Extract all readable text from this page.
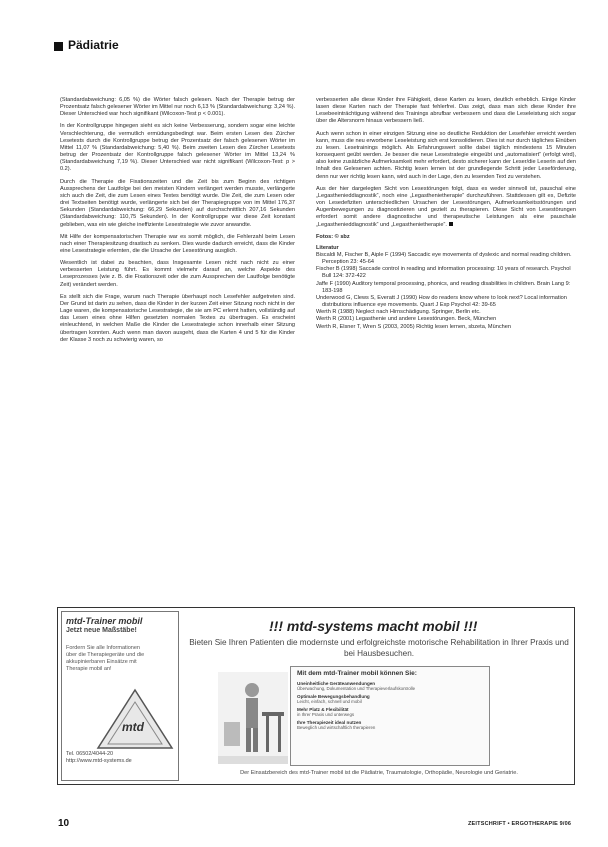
Pädiatrie

(Standardabweichung: 6,05 %) die Wörter falsch gelesen. Nach der Therapie betrug der Prozentsatz falsch gelesener Wörter im Mittel nur noch 6,13 % (Standardabweichung: 3,24 %). Dieser Unterschied war hoch signifikant (Wilcoxon-Test p < 0.001).

In der Kontrollgruppe hingegen sieht es sich keine Verbesserung, sondern sogar eine leichte Verschlechterung, die vermutlich ermüdungsbedingt war. Beim ersten Lesen des Zürcher Lesetests durch die Kontrollgruppe betrug der Prozentsatz der falsch gelesenen Wörter im Mittel 11,07 % (Standardabweichung: 5,40 %). Beim zweiten Lesen des Zürcher Lesetests betrug der Prozentsatz der Kontrollgruppe falsch gelesener Wörter im Mittel 13,24 % (Standardabweichung 7,19 %). Dieser Unterschied war nicht signifikant (Wilcoxon-Test: p > 0.2).

Durch die Therapie die Fixationszeiten und die Zeit bis zum Beginn des richtigen Aussprechens der Lautfolge bei den meisten Kindern verlängert werden musste, verlängerte sich auch die Zeit, die zum Lesen eines Textes benötigt wurde. Die Zeit, die zum Lesen oder drei Textseiten benötigt wurde, verlängerte sich bei der Therapiegruppe von im Mittel 176,37 Sekunden (Standardabweichung: 66,29 Sekunden) auf durchschnittlich 207,16 Sekunden (Standardabweichung: 110,75 Sekunden). In der Kontrollgruppe war diese Zeit konstant geblieben, was ein wie gleiche ineffiziente Lesestrategie wie zuvor anwandte.

Mit Hilfe der kompensatorischen Therapie war es somit möglich, die Fehlerzahl beim Lesen nach einer Therapiesitzung drastisch zu senken. Dies wurde dadurch erreicht, dass die Kinder eine Lesestrategie erlernten, die die Ursache der Lesestörung ausglich.

Wesentlich ist dabei zu beachten, dass Insgesamte Lesen nicht nach nicht zu einer verbesserten Leistung führt. Es kommt vielmehr darauf an, welche Aspekte des Leseprozesses (wie z. B. die Fixationszeit oder die zum Aussprechen der Lautfolge benötigte Zeit) verändert werden.

Es stellt sich die Frage, warum nach Therapie überhaupt noch Lesefehler aufgetreten sind. Der Grund ist darin zu sehen, dass die Kinder in der kurzen Zeit einer Sitzung noch nicht in der Lage waren, die kompensatorische Lesestrategie, die sie am PC erlernt hatten, vollständig auf das Lesen eines ohne Hilfen gesetzten normalen Textes zu übertragen. Es erscheint einleuchtend, in welchen Maße die Kinder die Lesestrategie schon innerhalb einer Sitzung übertragen konnten. Auch wenn man davon ausgeht, dass die Karten 4 und 5 für die Kinder der Klasse 3 noch zu schwierig waren, so

verbesserten alle diese Kinder ihre Fähigkeit, diese Karten zu lesen, deutlich erheblich. Einige Kinder lasen diese Karten nach der Therapie fast fehlerfrei. Das zeigt, dass man sich diese Kinder ihre Lesebeeinträchtigung während des Trainings abrufbar verbessern und dass die Leseleistung sich sogar über die Altersnorm hinaus verbessern ließ.

Auch wenn schon in einer einzigen Sitzung eine so deutliche Reduktion der Lesefehler erreicht werden kann, muss die neu erworbene Leseleistung sich erst konsolidieren. Dies ist nur durch tägliches Einüben zu lesen. Lesetrainings möglich. Als Erfahrungswert sollte dabei täglich mindestens 15 Minuten konsequent geübt werden. Je besser die neue Lesestrategie eingeübt und „automatisiert“ (erfolgt wird), also keine zusätzliche Aufmerksamkeit mehr erfordert, desto sicherer kann der Leser/die Leserin auf den Inhalt des Gelesenen achten. Richtig lesen lernen ist der grundlegende Schritt jeder Leseförderung, denn nur wer richtig lesen kann, wird auch in der Lage, den zu lesenden Text zu verstehen.

Aus der hier dargelegten Sicht von Lesestörungen folgt, dass es weder sinnvoll ist, pauschal eine „Legasthenieddiagnostik“, noch eine „Legasthenietherapie“ durchzuführen. Stattdessen gilt es, Defizite von Lesedefiziten unterschiedlichen Ursachen der Lesestörungen, Aufmerksamkeitsstörungen und Augenbewegungen zu diagnostizieren und gezielt zu therapieren. Diese Sicht von Lesestörungen erfordert somit andere diagnostische und therapeutische Leistungen als eine pauschale „Legasthenieddiagnostik“ und „Legasthenietherapie“.

Fotos: © sbz
Literatur
Biscaldi M, Fischer B, Aiple F (1994) Saccadic eye movements of dyslexic and normal reading children. Perception 23: 45-64
Fischer B (1998) Saccade control in reading and information processing: 10 years of research. Psychol Bull 124: 372-422
Jaffe F (1990) Auditory temporal processing, phonics, and reading disabilities in children. Brain Lang 9: 183-198
Underwood G, Clews S, Everatt J (1990) How do readers know where to look next? Local information distributions influence eye movements. Quart J Exp Psychol 42: 39-65
Werth R (1988) Neglect nach Hirnschädigung. Springer, Berlin etc.
Werth R (2001) Legasthenie und andere Lesestörungen. Beck, München
Werth R, Elsner T, Wren S (2003, 2005) Richtig lesen lernen, sbzeta, München
mtd-Trainer mobil
Jetzt neue Maßstäbe!
Fordern Sie alle Informationen über die Therapiegeräte und die akkupinierbaren Einsätze mit Therapie mobil an!
mtd
Tel. 06502/4044-20
http://www.mtd-systems.de
!!! mtd-systems macht mobil !!!
Bieten Sie Ihren Patienten die modernste und erfolgreichste motorische Rehabilitation in Ihrer Praxis und bei Hausbesuchen.
Mit dem mtd-Trainer mobil können Sie:
Uneinheitliche Geräteanwendungen
Überwachung, Dokumentation und Therapieverlaufskontrolle
Optimale Bewegungsbehandlung
Leicht, einfach, schnell und mobil
Mehr Platz & Flexibilität
in Ihrer Praxis und unterwegs
Ihre Therapiezeit ideal nutzen
Beweglich und wirtschaftlich therapieren
Der Einsatzbereich des mtd-Trainer mobil ist die Pädiatrie, Traumatologie, Orthopädie, Neurologie und Geriatrie.
10	ZEITSCHRIFT • ERGOTHERAPIE 9/06
